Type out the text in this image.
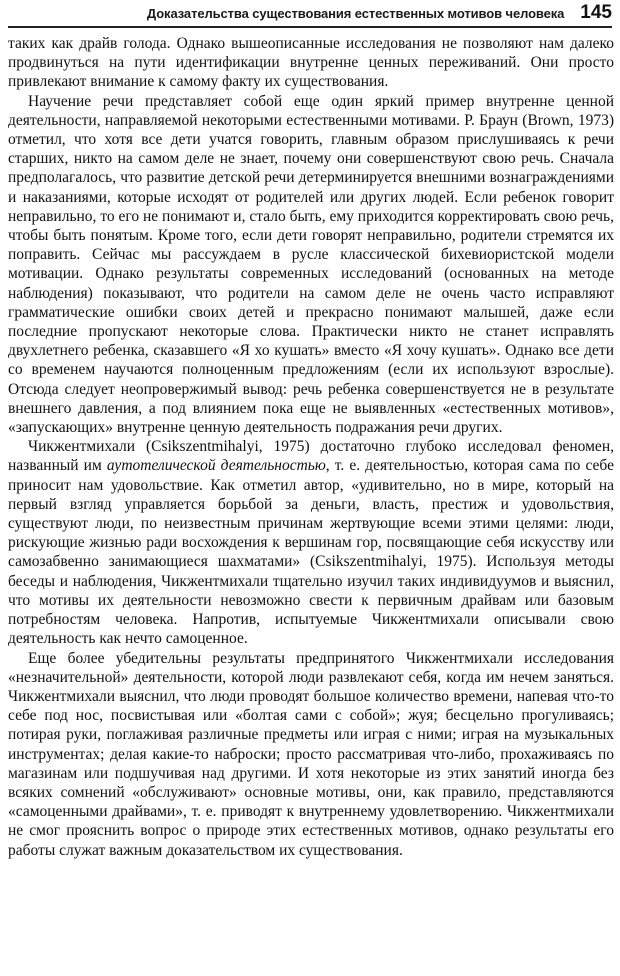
Доказательства существования естественных мотивов человека 145

таких как драйв голода. Однако вышеописанные исследования не позволяют нам далеко продвинуться на пути идентификации внутренне ценных переживаний. Они просто привлекают внимание к самому факту их существования.

Научение речи представляет собой еще один яркий пример внутренне ценной деятельности, направляемой некоторыми естественными мотивами. Р. Браун (Brown, 1973) отметил, что хотя все дети учатся говорить, главным образом прислушиваясь к речи старших, никто на самом деле не знает, почему они совершенствуют свою речь. Сначала предполагалось, что развитие детской речи детерминируется внешними вознаграждениями и наказаниями, которые исходят от родителей или других людей. Если ребенок говорит неправильно, то его не понимают и, стало быть, ему приходится корректировать свою речь, чтобы быть понятым. Кроме того, если дети говорят неправильно, родители стремятся их поправить. Сейчас мы рассуждаем в русле классической бихевиористской модели мотивации. Однако результаты современных исследований (основанных на методе наблюдения) показывают, что родители на самом деле не очень часто исправляют грамматические ошибки своих детей и прекрасно понимают малышей, даже если последние пропускают некоторые слова. Практически никто не станет исправлять двухлетнего ребенка, сказавшего «Я хо кушать» вместо «Я хочу кушать». Однако все дети со временем научаются полноценным предложениям (если их используют взрослые). Отсюда следует неопровержимый вывод: речь ребенка совершенствуется не в результате внешнего давления, а под влиянием пока еще не выявленных «естественных мотивов», «запускающих» внутренне ценную деятельность подражания речи других.

Чикжентмихали (Csikszentmihalyi, 1975) достаточно глубоко исследовал феномен, названный им аутотелической деятельностью, т. е. деятельностью, которая сама по себе приносит нам удовольствие. Как отметил автор, «удивительно, но в мире, который на первый взгляд управляется борьбой за деньги, власть, престиж и удовольствия, существуют люди, по неизвестным причинам жертвующие всеми этими целями: люди, рискующие жизнью ради восхождения к вершинам гор, посвящающие себя искусству или самозабвенно занимающиеся шахматами» (Csikszentmihalyi, 1975). Используя методы беседы и наблюдения, Чикжентмихали тщательно изучил таких индивидуумов и выяснил, что мотивы их деятельности невозможно свести к первичным драйвам или базовым потребностям человека. Напротив, испытуемые Чикжентмихали описывали свою деятельность как нечто самоценное.

Еще более убедительны результаты предпринятого Чикжентмихали исследования «незначительной» деятельности, которой люди развлекают себя, когда им нечем заняться. Чикжентмихали выяснил, что люди проводят большое количество времени, напевая что-то себе под нос, посвистывая или «болтая сами с собой»; жуя; бесцельно прогуливаясь; потирая руки, поглаживая различные предметы или играя с ними; играя на музыкальных инструментах; делая какие-то наброски; просто рассматривая что-либо, прохаживаясь по магазинам или подшучивая над другими. И хотя некоторые из этих занятий иногда без всяких сомнений «обслуживают» основные мотивы, они, как правило, представляются «самоценными драйвами», т. е. приводят к внутреннему удовлетворению. Чикжентмихали не смог прояснить вопрос о природе этих естественных мотивов, однако результаты его работы служат важным доказательством их существования.
